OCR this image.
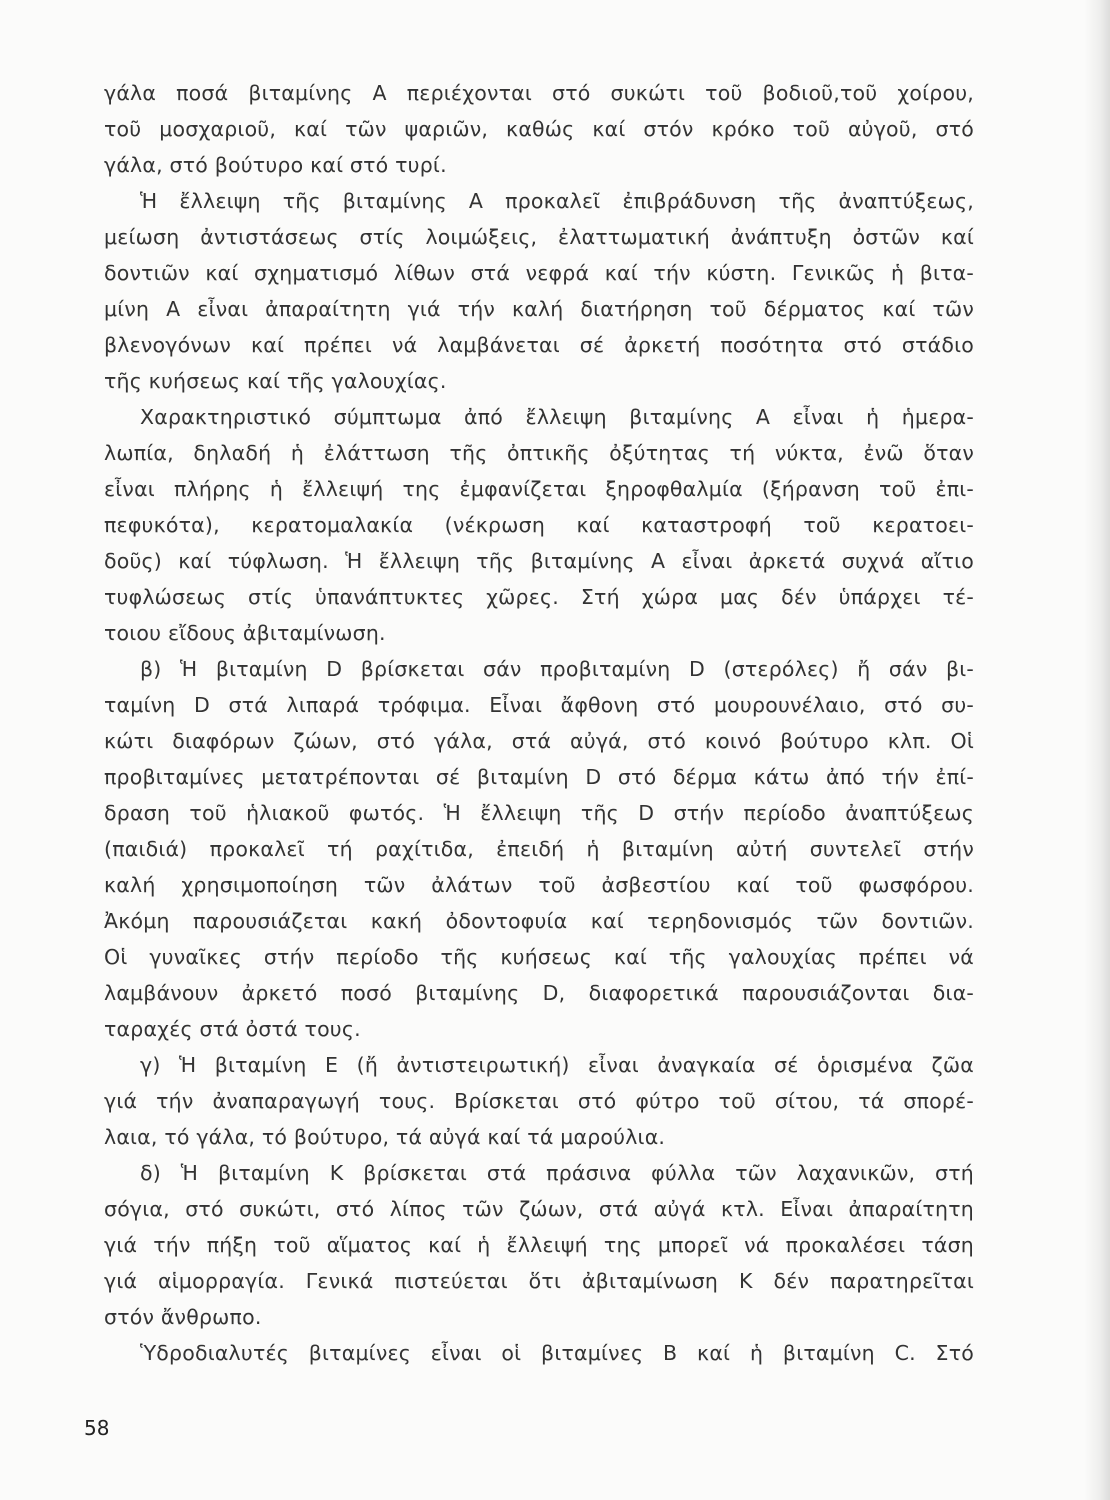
γάλα ποσά βιταμίνης Α περιέχονται στό συκώτι τοῦ βοδιοῦ,τοῦ χοίρου,
τοῦ μοσχαριοῦ, καί τῶν ψαριῶν, καθώς καί στόν κρόκο τοῦ αὐγοῦ, στό
γάλα, στό βούτυρο καί στό τυρί.
Ἡ ἔλλειψη τῆς βιταμίνης Α προκαλεῖ ἐπιβράδυνση τῆς ἀναπτύξεως,
μείωση ἀντιστάσεως στίς λοιμώξεις, ἐλαττωματική ἀνάπτυξη ὀστῶν καί
δοντιῶν καί σχηματισμό λίθων στά νεφρά καί τήν κύστη. Γενικῶς ἡ βιτα-
μίνη Α εἶναι ἀπαραίτητη γιά τήν καλή διατήρηση τοῦ δέρματος καί τῶν
βλενογόνων καί πρέπει νά λαμβάνεται σέ ἀρκετή ποσότητα στό στάδιο
τῆς κυήσεως καί τῆς γαλουχίας.
Χαρακτηριστικό σύμπτωμα ἀπό ἔλλειψη βιταμίνης Α εἶναι ἡ ἡμερα-
λωπία, δηλαδή ἡ ἐλάττωση τῆς ὀπτικῆς ὀξύτητας τή νύκτα, ἐνῶ ὅταν
εἶναι πλήρης ἡ ἔλλειψή της ἐμφανίζεται ξηροφθαλμία (ξήρανση τοῦ ἐπι-
πεφυκότα), κερατομαλακία (νέκρωση καί καταστροφή τοῦ κερατοει-
δοῦς) καί τύφλωση. Ἡ ἔλλειψη τῆς βιταμίνης Α εἶναι ἀρκετά συχνά αἴτιο
τυφλώσεως στίς ὑπανάπτυκτες χῶρες. Στή χώρα μας δέν ὑπάρχει τέ-
τοιου εἴδους ἀβιταμίνωση.
β) Ἡ βιταμίνη D βρίσκεται σάν προβιταμίνη D (στερόλες) ἤ σάν βι-
ταμίνη D στά λιπαρά τρόφιμα. Εἶναι ἄφθονη στό μουρουνέλαιο, στό συ-
κώτι διαφόρων ζώων, στό γάλα, στά αὐγά, στό κοινό βούτυρο κλπ. Οἱ
προβιταμίνες μετατρέπονται σέ βιταμίνη D στό δέρμα κάτω ἀπό τήν ἐπί-
δραση τοῦ ἡλιακοῦ φωτός. Ἡ ἔλλειψη τῆς D στήν περίοδο ἀναπτύξεως
(παιδιά) προκαλεῖ τή ραχίτιδα, ἐπειδή ἡ βιταμίνη αὐτή συντελεῖ στήν
καλή χρησιμοποίηση τῶν ἀλάτων τοῦ ἀσβεστίου καί τοῦ φωσφόρου.
Ἀκόμη παρουσιάζεται κακή ὀδοντοφυία καί τερηδονισμός τῶν δοντιῶν.
Οἱ γυναῖκες στήν περίοδο τῆς κυήσεως καί τῆς γαλουχίας πρέπει νά
λαμβάνουν ἀρκετό ποσό βιταμίνης D, διαφορετικά παρουσιάζονται δια-
ταραχές στά ὀστά τους.
γ) Ἡ βιταμίνη Ε (ἤ ἀντιστειρωτική) εἶναι ἀναγκαία σέ ὁρισμένα ζῶα
γιά τήν ἀναπαραγωγή τους. Βρίσκεται στό φύτρο τοῦ σίτου, τά σπορέ-
λαια, τό γάλα, τό βούτυρο, τά αὐγά καί τά μαρούλια.
δ) Ἡ βιταμίνη Κ βρίσκεται στά πράσινα φύλλα τῶν λαχανικῶν, στή
σόγια, στό συκώτι, στό λίπος τῶν ζώων, στά αὐγά κτλ. Εἶναι ἀπαραίτητη
γιά τήν πήξη τοῦ αἵματος καί ἡ ἔλλειψή της μπορεῖ νά προκαλέσει τάση
γιά αἱμορραγία. Γενικά πιστεύεται ὅτι ἀβιταμίνωση Κ δέν παρατηρεῖται
στόν ἄνθρωπο.
Ὑδροδιαλυτές βιταμίνες εἶναι οἱ βιταμίνες Β καί ἡ βιταμίνη C. Στό
58
